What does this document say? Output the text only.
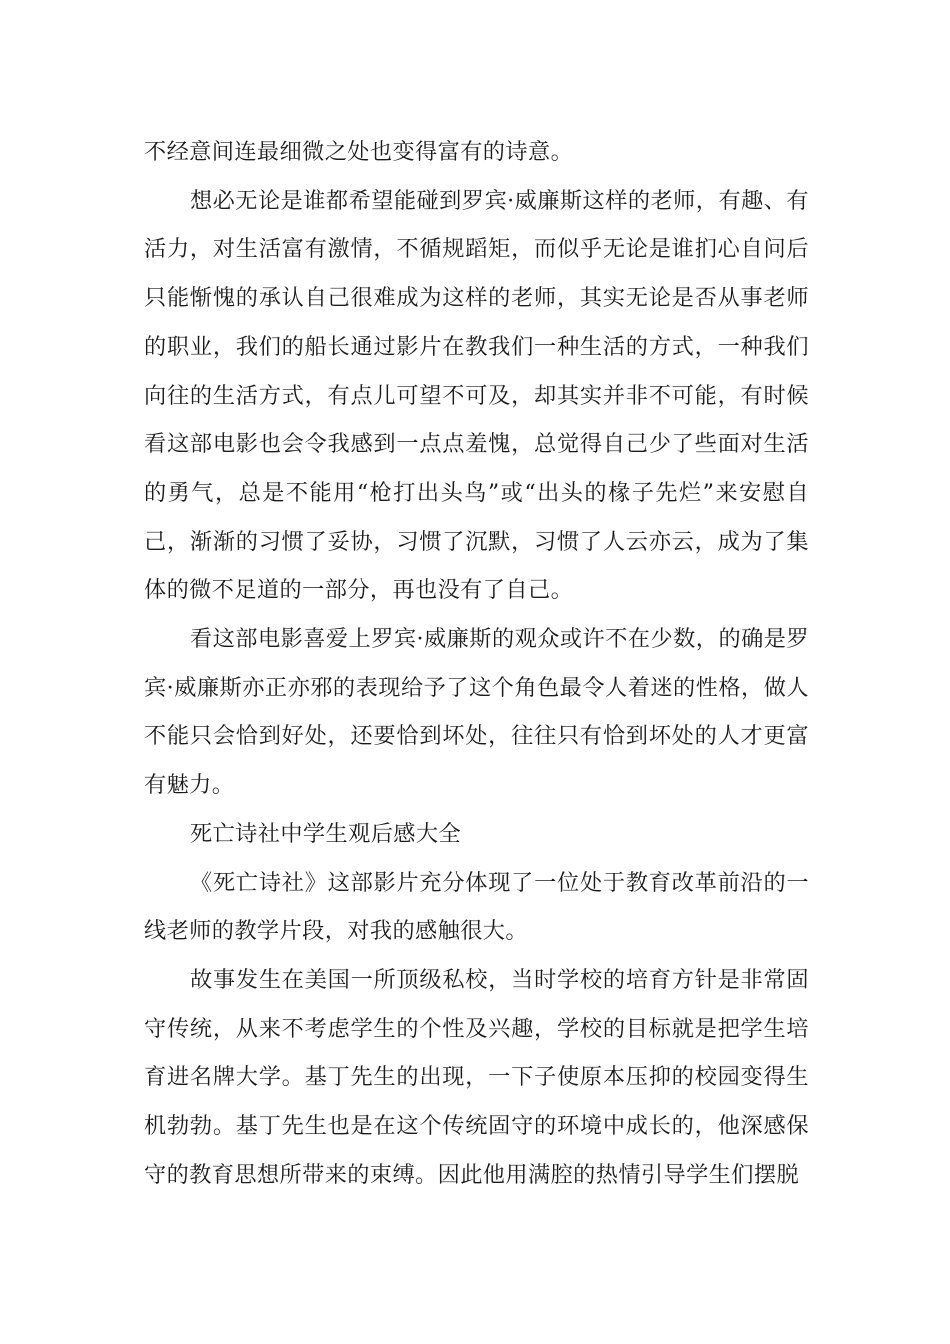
不经意间连最细微之处也变得富有的诗意。

想必无论是谁都希望能碰到罗宾·威廉斯这样的老师，有趣、有活力，对生活富有激情，不循规蹈矩，而似乎无论是谁扪心自问后只能惭愧的承认自己很难成为这样的老师，其实无论是否从事老师的职业，我们的船长通过影片在教我们一种生活的方式，一种我们向往的生活方式，有点儿可望不可及，却其实并非不可能，有时候看这部电影也会令我感到一点点羞愧，总觉得自己少了些面对生活的勇气，总是不能用“枪打出头鸟”或“出头的椽子先烂”来安慰自己，渐渐的习惯了妥协，习惯了沉默，习惯了人云亦云，成为了集体的微不足道的一部分，再也没有了自己。

看这部电影喜爱上罗宾·威廉斯的观众或许不在少数，的确是罗宾·威廉斯亦正亦邪的表现给予了这个角色最令人着迷的性格，做人不能只会恰到好处，还要恰到坏处，往往只有恰到坏处的人才更富有魅力。

死亡诗社中学生观后感大全

《死亡诗社》这部影片充分体现了一位处于教育改革前沿的一线老师的教学片段，对我的感触很大。

故事发生在美国一所顶级私校，当时学校的培育方针是非常固守传统，从来不考虑学生的个性及兴趣，学校的目标就是把学生培育进名牌大学。基丁先生的出现，一下子使原本压抑的校园变得生机勃勃。基丁先生也是在这个传统固守的环境中成长的，他深感保守的教育思想所带来的束缚。因此他用满腔的热情引导学生们摆脱
